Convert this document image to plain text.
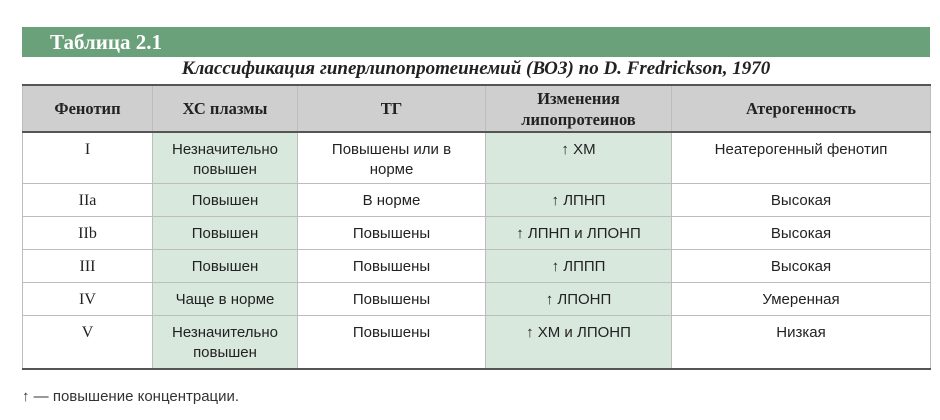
Таблица 2.1
Классификация гиперлипопротеинемий (ВОЗ) по D. Fredrickson, 1970
Фенотип	ХС плазмы	ТГ	Изменения липопротеинов	Атерогенность
I	Незначительно повышен	Повышены или в норме	↑ ХМ	Неатерогенный фенотип
IIa	Повышен	В норме	↑ ЛПНП	Высокая
IIb	Повышен	Повышены	↑ ЛПНП и ЛПОНП	Высокая
III	Повышен	Повышены	↑ ЛППП	Высокая
IV	Чаще в норме	Повышены	↑ ЛПОНП	Умеренная
V	Незначительно повышен	Повышены	↑ ХМ и ЛПОНП	Низкая
↑ — повышение концентрации.
